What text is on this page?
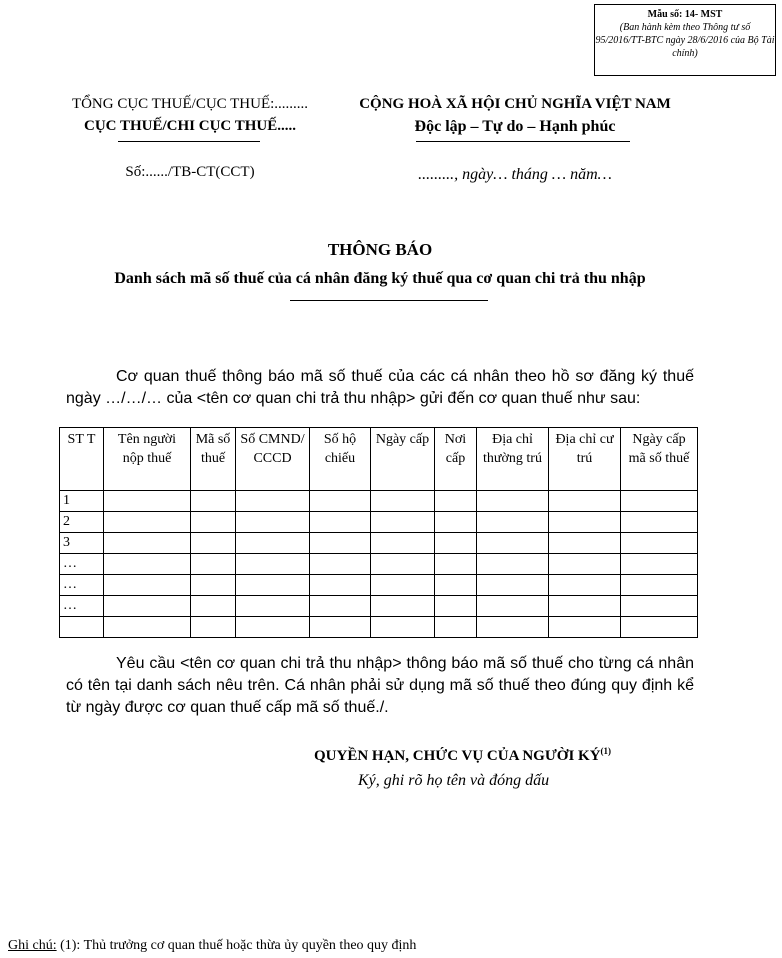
Mẫu số: 14- MST
(Ban hành kèm theo Thông tư số 95/2016/TT-BTC ngày 28/6/2016 của Bộ Tài chính)
TỔNG CỤC THUẾ/CỤC THUẾ:.........
CỤC THUẾ/CHI CỤC THUẾ.....
Số:....../TB-CT(CCT)
CỘNG HOÀ XÃ HỘI CHỦ NGHĨA VIỆT NAM
Độc lập – Tự do – Hạnh phúc
........., ngày… tháng … năm…
THÔNG BÁO
Danh sách mã số thuế của cá nhân đăng ký thuế qua cơ quan chi trả thu nhập
Cơ quan thuế thông báo mã số thuế của các cá nhân theo hồ sơ đăng ký thuế ngày …/…/… của <tên cơ quan chi trả thu nhập> gửi đến cơ quan thuế như sau:
ST T	Tên người nộp thuế	Mã số thuế	Số CMND/ CCCD	Số hộ chiếu	Ngày cấp	Nơi cấp	Địa chỉ thường trú	Địa chỉ cư trú	Ngày cấp mã số thuế
1									
2									
3									
…									
…									
…									

Yêu cầu <tên cơ quan chi trả thu nhập> thông báo mã số thuế cho từng cá nhân có tên tại danh sách nêu trên. Cá nhân phải sử dụng mã số thuế theo đúng quy định kể từ ngày được cơ quan thuế cấp mã số thuế./.
QUYỀN HẠN, CHỨC VỤ CỦA NGƯỜI KÝ$^{(1)}$
Ký, ghi rõ họ tên và đóng dấu
Ghi chú: (1): Thủ trưởng cơ quan thuế hoặc thừa ủy quyền theo quy định
